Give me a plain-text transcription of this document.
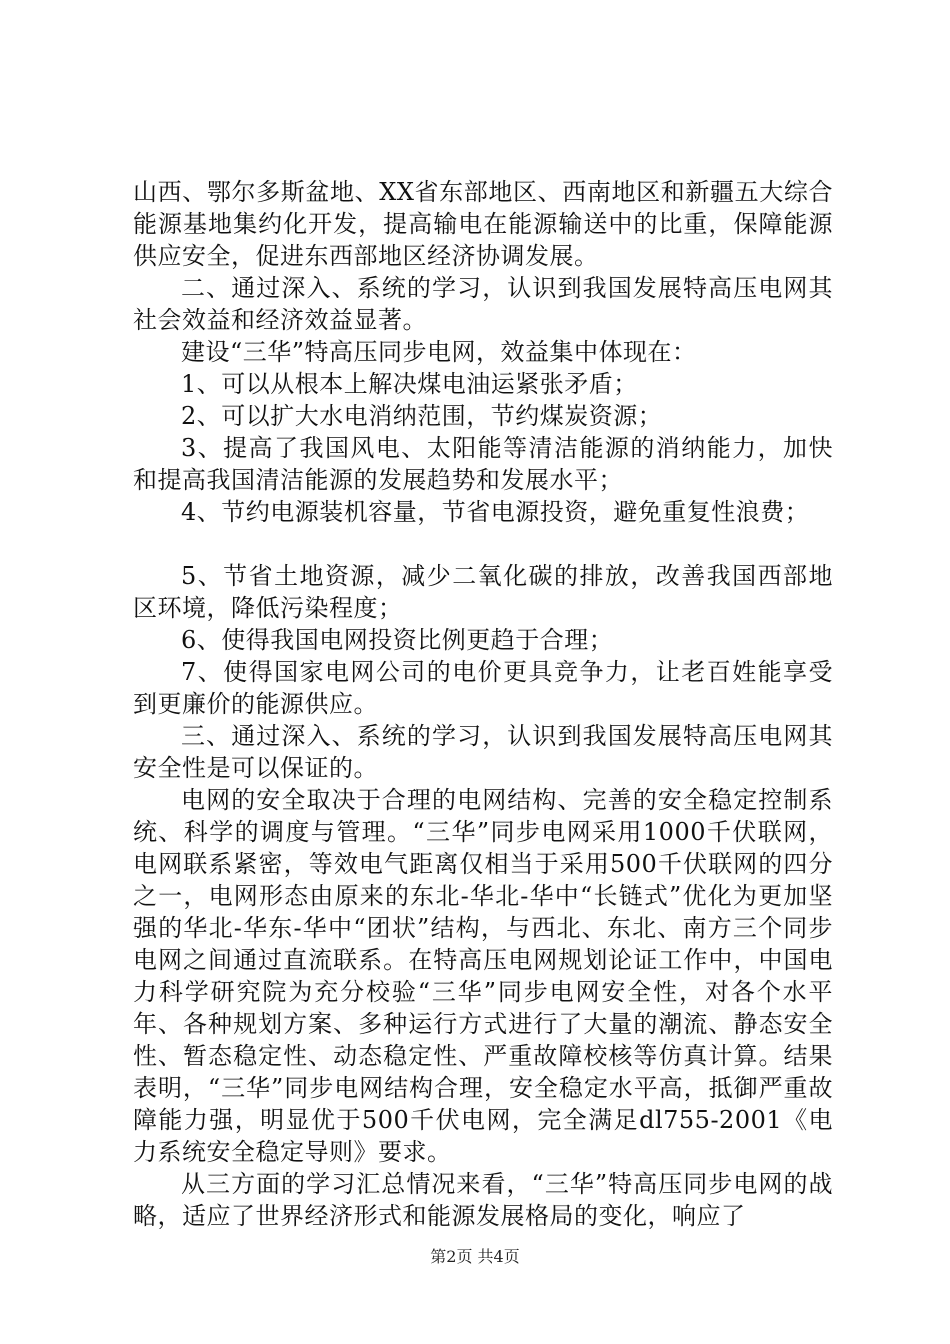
山西、鄂尔多斯盆地、XX省东部地区、西南地区和新疆五大综合能源基地集约化开发，提高输电在能源输送中的比重，保障能源供应安全，促进东西部地区经济协调发展。

二、通过深入、系统的学习，认识到我国发展特高压电网其社会效益和经济效益显著。

建设“三华”特高压同步电网，效益集中体现在：

1、可以从根本上解决煤电油运紧张矛盾；

2、可以扩大水电消纳范围，节约煤炭资源；

3、提高了我国风电、太阳能等清洁能源的消纳能力，加快和提高我国清洁能源的发展趋势和发展水平；

4、节约电源装机容量，节省电源投资，避免重复性浪费；

5、节省土地资源，减少二氧化碳的排放，改善我国西部地区环境，降低污染程度；

6、使得我国电网投资比例更趋于合理；

7、使得国家电网公司的电价更具竞争力，让老百姓能享受到更廉价的能源供应。

三、通过深入、系统的学习，认识到我国发展特高压电网其安全性是可以保证的。

电网的安全取决于合理的电网结构、完善的安全稳定控制系统、科学的调度与管理。“三华”同步电网采用1000千伏联网，电网联系紧密，等效电气距离仅相当于采用500千伏联网的四分之一，电网形态由原来的东北-华北-华中“长链式”优化为更加坚强的华北-华东-华中“团状”结构，与西北、东北、南方三个同步电网之间通过直流联系。在特高压电网规划论证工作中，中国电力科学研究院为充分校验“三华”同步电网安全性，对各个水平年、各种规划方案、多种运行方式进行了大量的潮流、静态安全性、暂态稳定性、动态稳定性、严重故障校核等仿真计算。结果表明，“三华”同步电网结构合理，安全稳定水平高，抵御严重故障能力强，明显优于500千伏电网，完全满足dl755-2001《电力系统安全稳定导则》要求。

从三方面的学习汇总情况来看，“三华”特高压同步电网的战略，适应了世界经济形式和能源发展格局的变化，响应了

第2页 共4页
